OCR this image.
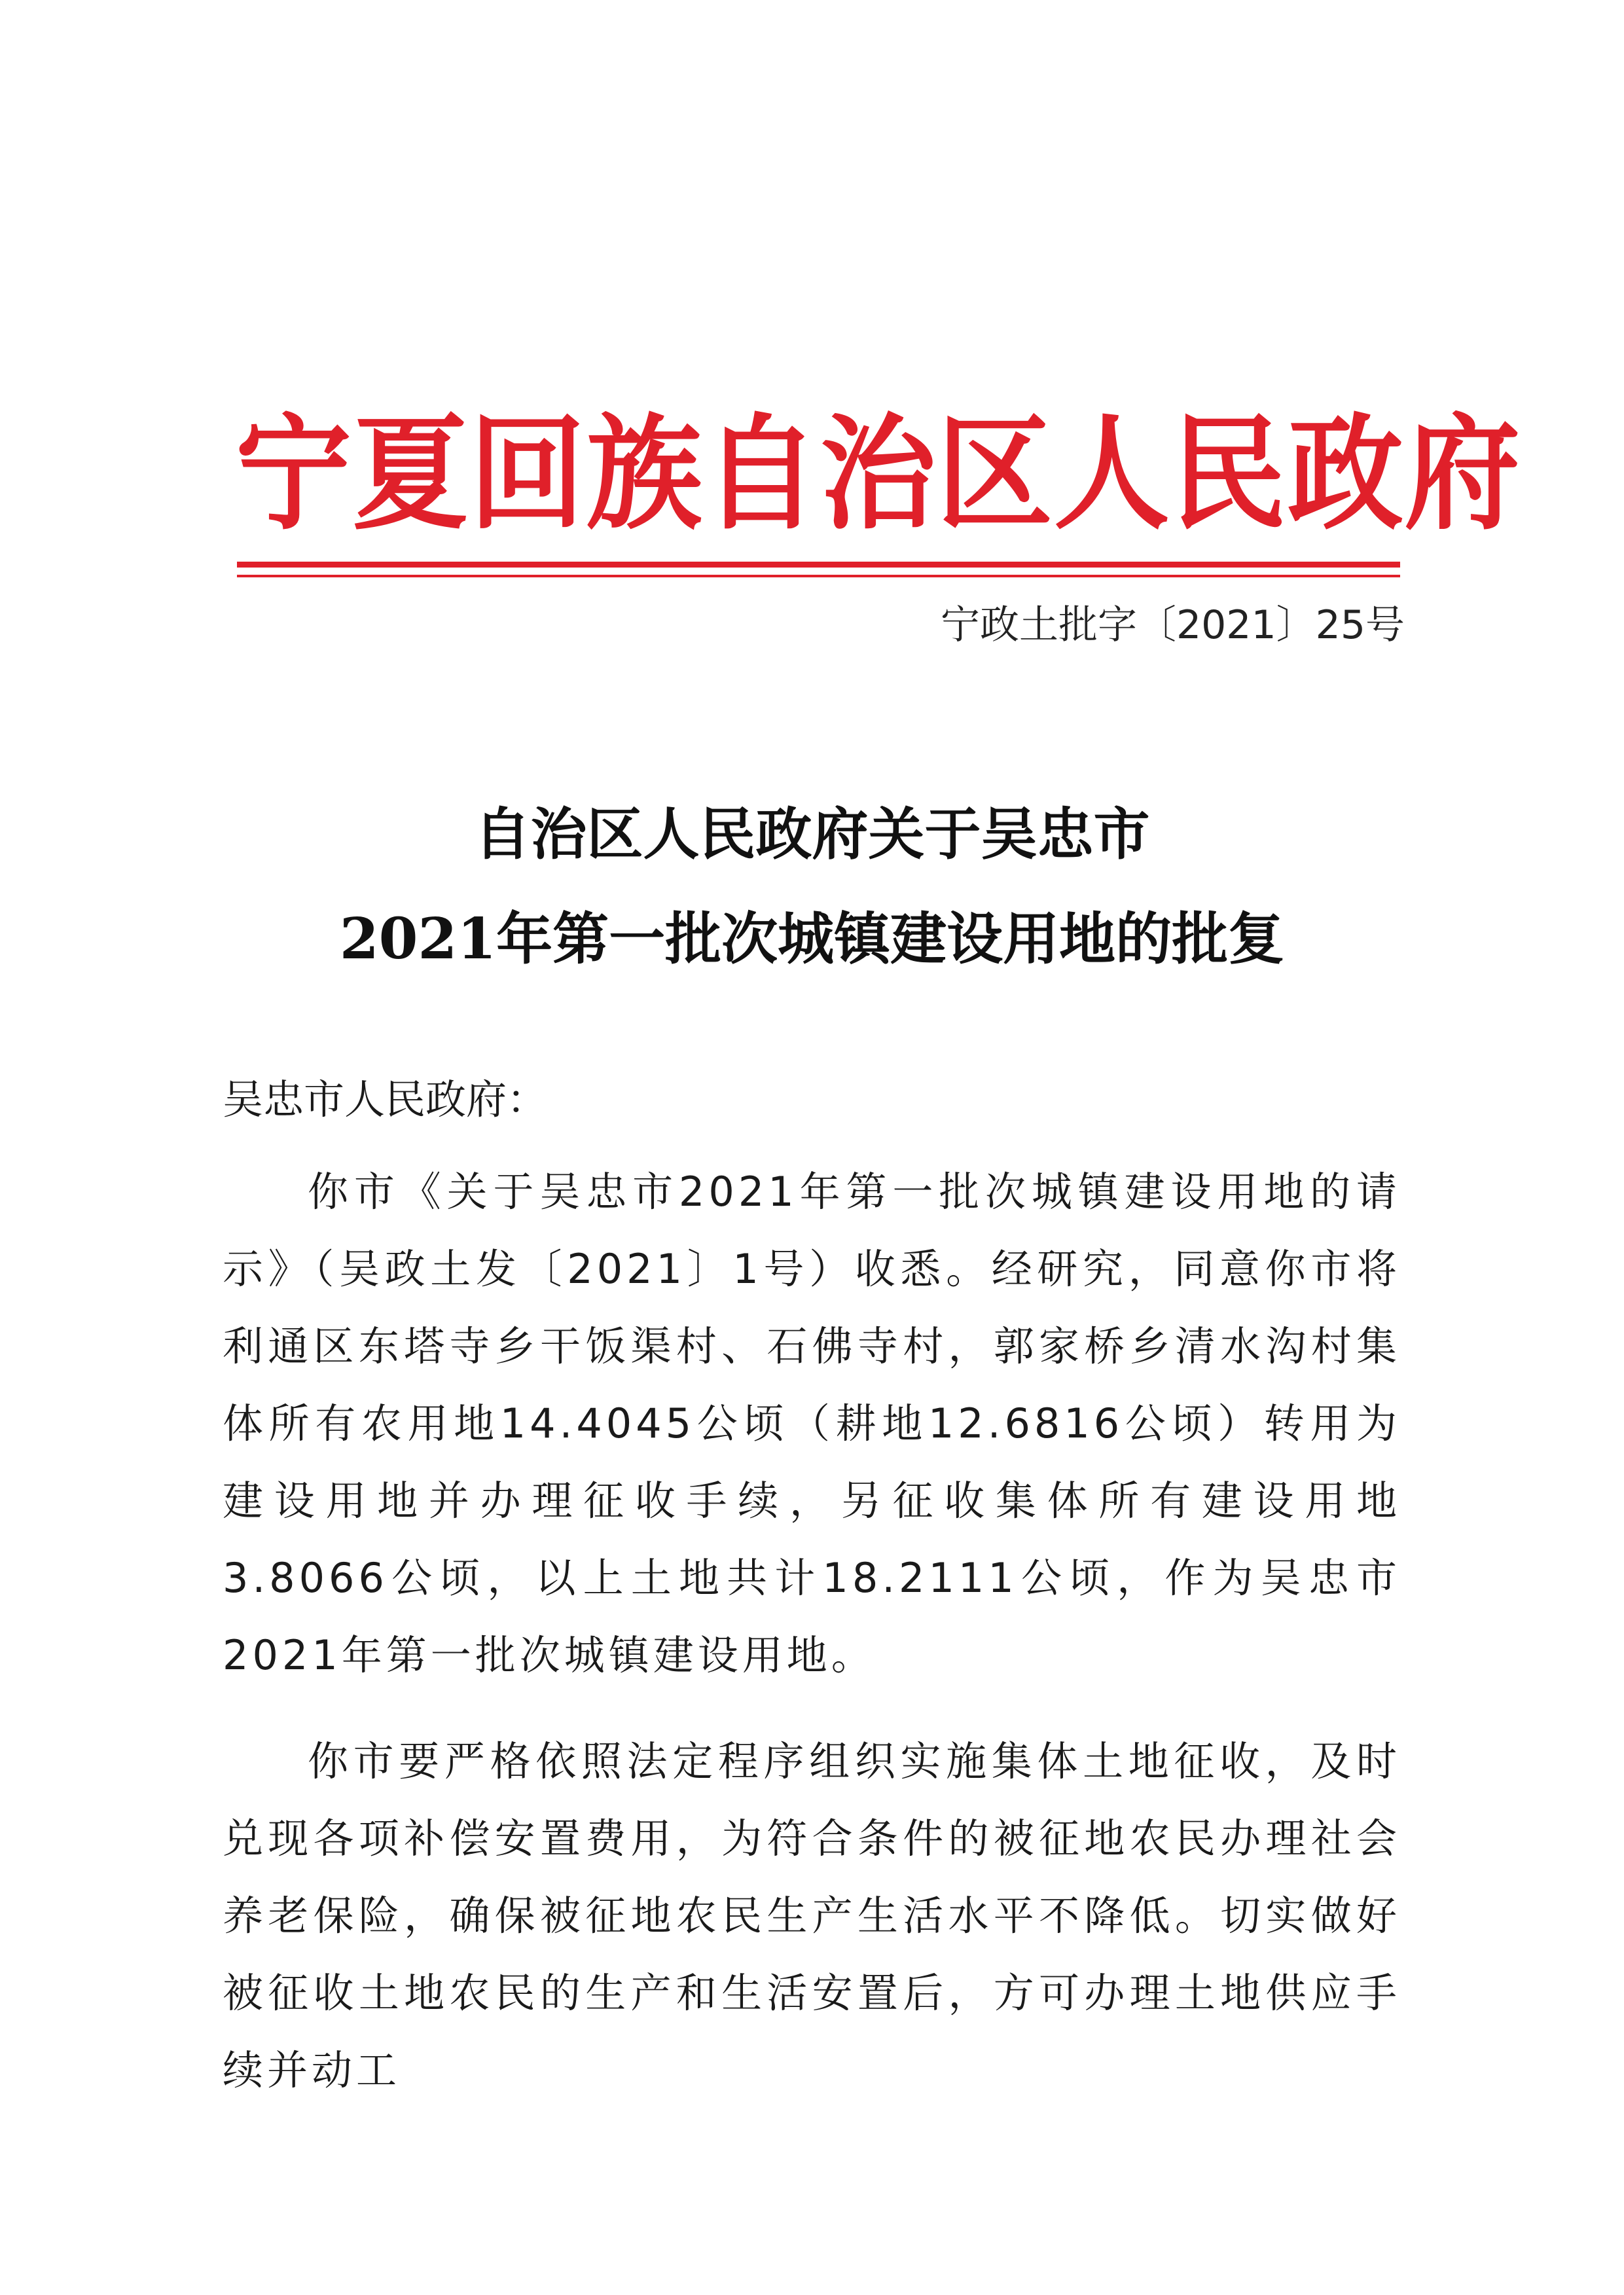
宁夏回族自治区人民政府
宁政土批字〔2021〕25号
自治区人民政府关于吴忠市
2021年第一批次城镇建设用地的批复
吴忠市人民政府：
你市《关于吴忠市2021年第一批次城镇建设用地的请示》（吴政土发〔2021〕1号）收悉。经研究，同意你市将利通区东塔寺乡干饭渠村、石佛寺村，郭家桥乡清水沟村集体所有农用地14.4045公顷（耕地12.6816公顷）转用为建设用地并办理征收手续，另征收集体所有建设用地3.8066公顷，以上土地共计18.2111公顷，作为吴忠市2021年第一批次城镇建设用地。
你市要严格依照法定程序组织实施集体土地征收，及时兑现各项补偿安置费用，为符合条件的被征地农民办理社会养老保险，确保被征地农民生产生活水平不降低。切实做好被征收土地农民的生产和生活安置后，方可办理土地供应手续并动工
